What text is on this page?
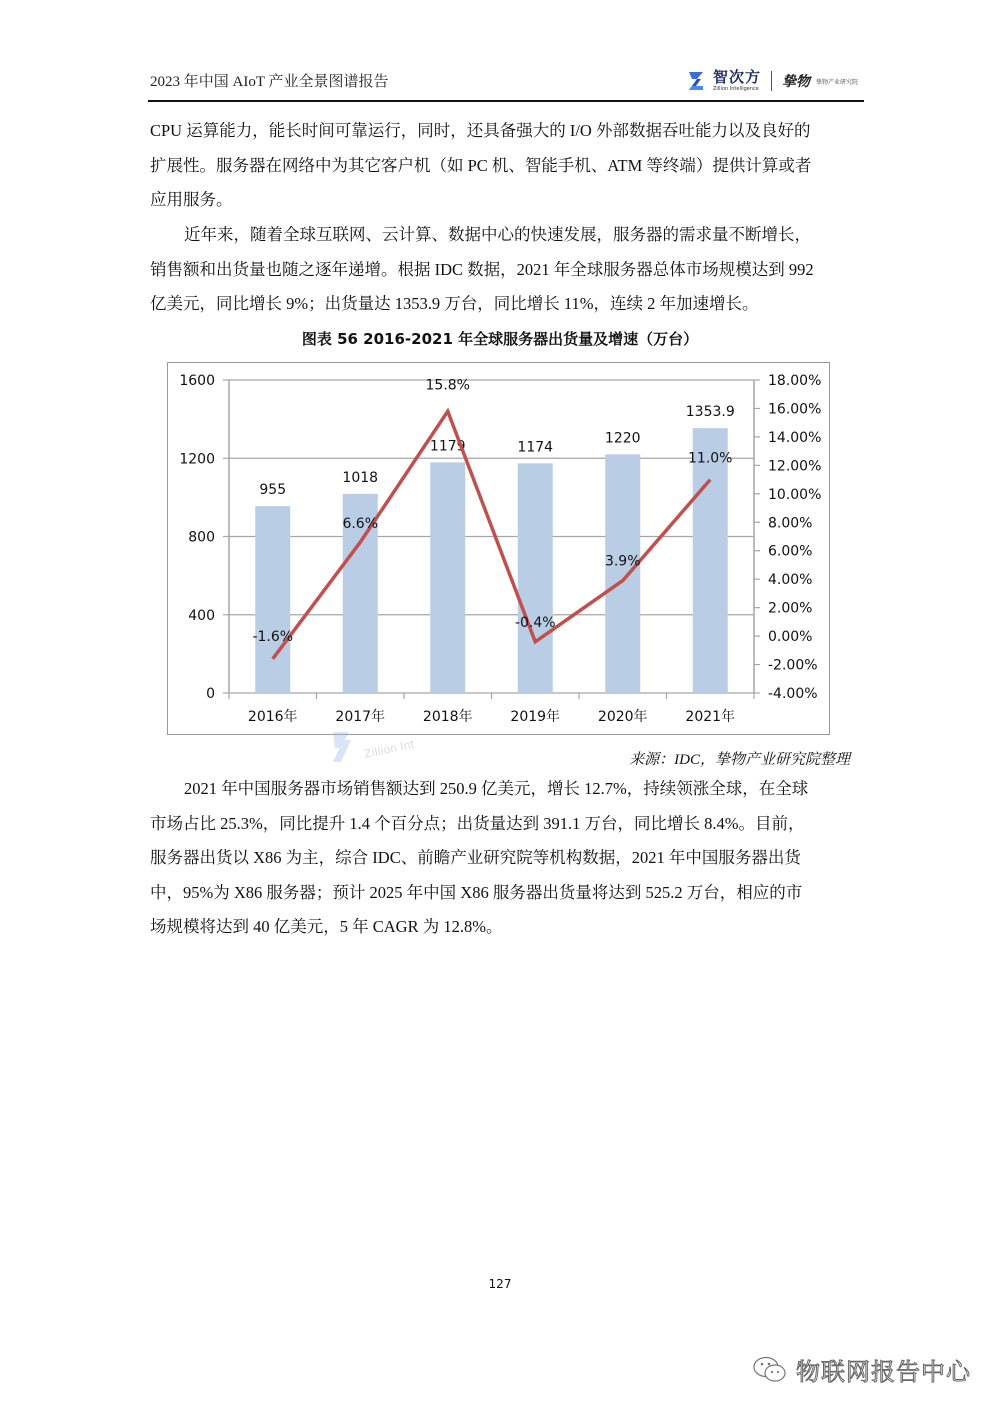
2023 年中国 AIoT 产业全景图谱报告	智次方
Zillion Intelligence 挚物 挚物产业研究院
CPU 运算能力，能长时间可靠运行，同时，还具备强大的 I/O 外部数据吞吐能力以及良好的
扩展性。服务器在网络中为其它客户机（如 PC 机、智能手机、ATM 等终端）提供计算或者
应用服务。
近年来，随着全球互联网、云计算、数据中心的快速发展，服务器的需求量不断增长，
销售额和出货量也随之逐年递增。根据 IDC 数据，2021 年全球服务器总体市场规模达到 992
亿美元，同比增长 9%；出货量达 1353.9 万台，同比增长 11%，连续 2 年加速增长。
图表 56 2016-2021 年全球服务器出货量及增速（万台）
0
400
800
1200
1600
-4.00%
-2.00%
0.00%
2.00%
4.00%
6.00%
8.00%
10.00%
12.00%
14.00%
16.00%
18.00%
955
1018
1179	1174
1220
1353.9
-1.6%
6.6%
15.8%
-0.4%
3.9%
11.0%
2016年	2017年	2018年	2019年	2020年	2021年
Zillion Int	来源：IDC，挚物产业研究院整理
2021 年中国服务器市场销售额达到 250.9 亿美元，增长 12.7%，持续领涨全球，在全球
市场占比 25.3%，同比提升 1.4 个百分点；出货量达到 391.1 万台，同比增长 8.4%。目前，
服务器出货以 X86 为主，综合 IDC、前瞻产业研究院等机构数据，2021 年中国服务器出货
中，95%为 X86 服务器；预计 2025 年中国 X86 服务器出货量将达到 525.2 万台，相应的市
场规模将达到 40 亿美元，5 年 CAGR 为 12.8%。
127
物联网报告中心
